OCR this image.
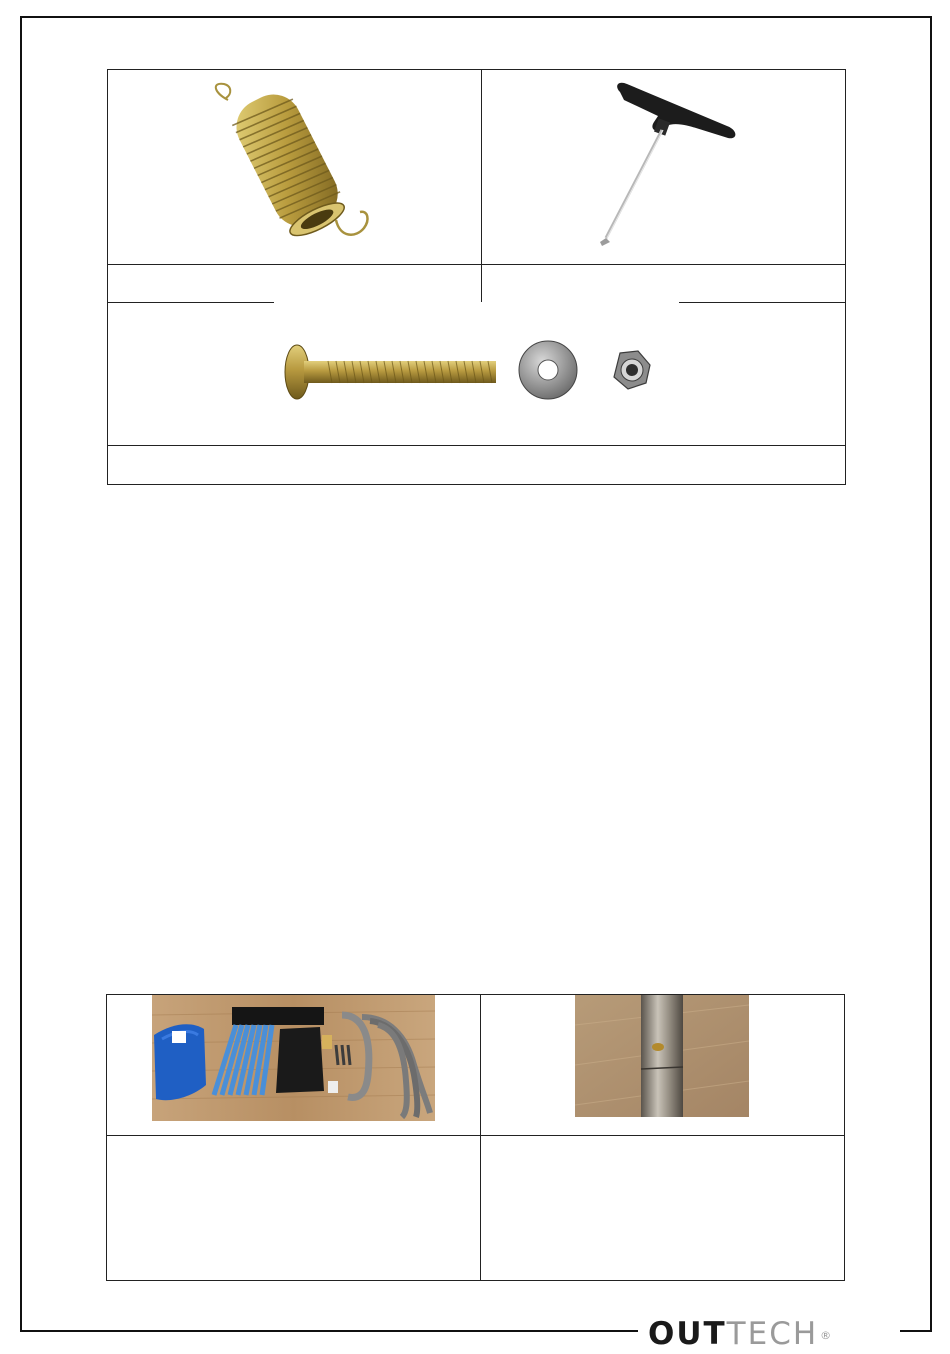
OUT TECH ®
